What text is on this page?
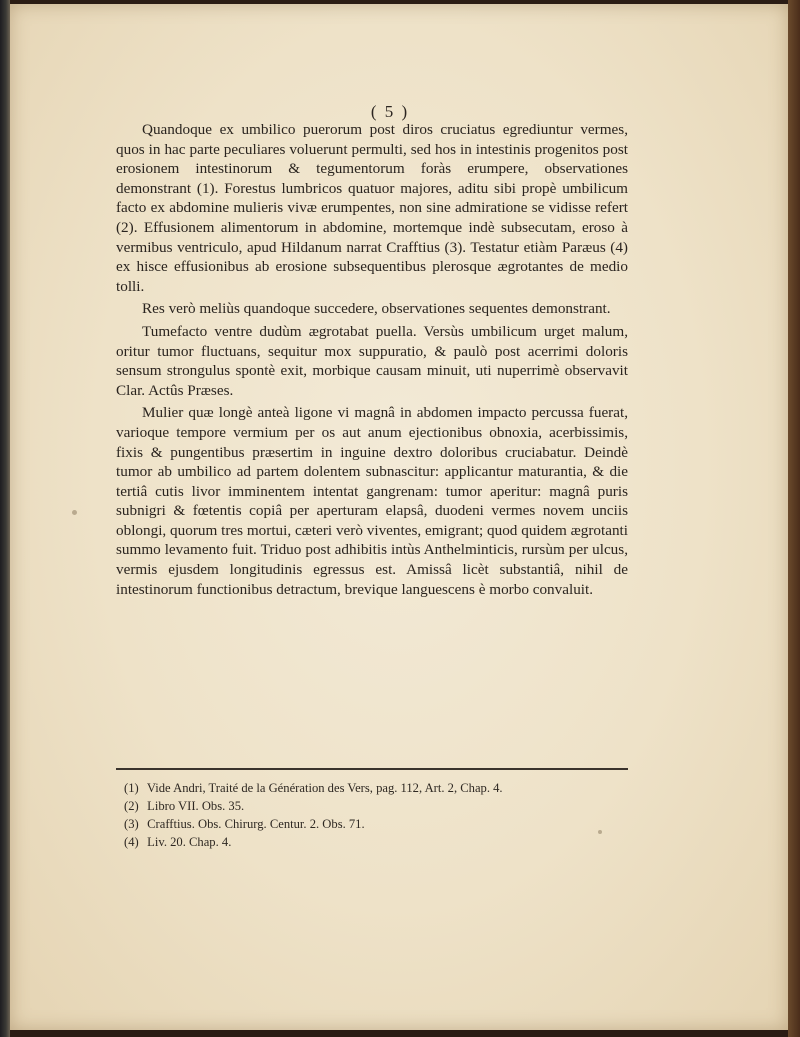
( 5 )

Quandoque ex umbilico puerorum post diros cruciatus egrediuntur vermes, quos in hac parte peculiares voluerunt permulti, sed hos in intestinis progenitos post erosionem intestinorum & tegumentorum foràs erumpere, observationes demonstrant (1). Forestus lumbricos quatuor majores, aditu sibi propè umbilicum facto ex abdomine mulieris vivæ erumpentes, non sine admiratione se vidisse refert (2). Effusionem alimentorum in abdomine, mortemque indè subsecutam, eroso à vermibus ventriculo, apud Hildanum narrat Crafftius (3). Testatur etiàm Paræus (4) ex hisce effusionibus ab erosione subsequentibus plerosque ægrotantes de medio tolli.

Res verò meliùs quandoque succedere, observationes sequentes demonstrant.

Tumefacto ventre dudùm ægrotabat puella. Versùs umbilicum urget malum, oritur tumor fluctuans, sequitur mox suppuratio, & paulò post acerrimi doloris sensum strongulus spontè exit, morbique causam minuit, uti nuperrimè observavit Clar. Actûs Præses.

Mulier quæ longè anteà ligone vi magnâ in abdomen impacto percussa fuerat, varioque tempore vermium per os aut anum ejectionibus obnoxia, acerbissimis, fixis & pungentibus præsertim in inguine dextro doloribus cruciabatur. Deindè tumor ab umbilico ad partem dolentem subnascitur: applicantur maturantia, & die tertiâ cutis livor imminentem intentat gangrenam: tumor aperitur: magnâ puris subnigri & fœtentis copiâ per aperturam elapsâ, duodeni vermes novem unciis oblongi, quorum tres mortui, cæteri verò viventes, emigrant; quod quidem ægrotanti summo levamento fuit. Triduo post adhibitis intùs Anthelminticis, rursùm per ulcus, vermis ejusdem longitudinis egressus est. Amissâ licèt substantiâ, nihil de intestinorum functionibus detractum, brevique languescens è morbo convaluit.

(1) Vide Andri, Traité de la Génération des Vers, pag. 112, Art. 2, Chap. 4.
(2) Libro VII. Obs. 35.
(3) Crafftius. Obs. Chirurg. Centur. 2. Obs. 71.
(4) Liv. 20. Chap. 4.
